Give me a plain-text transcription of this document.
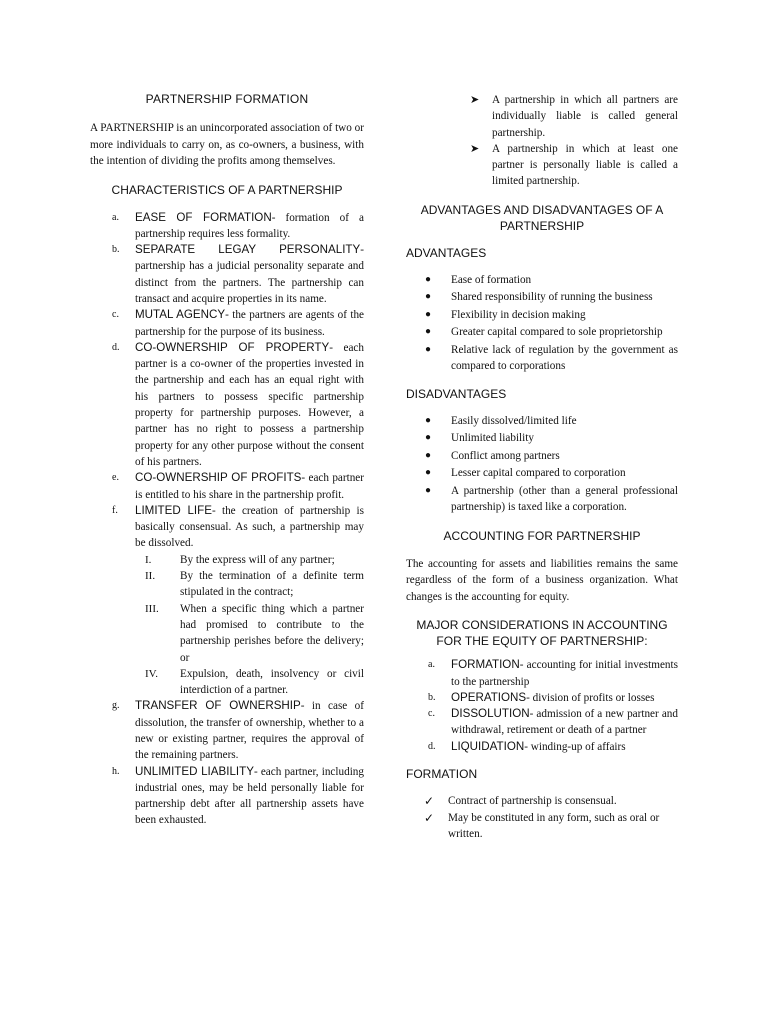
PARTNERSHIP FORMATION

A PARTNERSHIP is an unincorporated association of two or more individuals to carry on, as co-owners, a business, with the intention of dividing the profits among themselves.

CHARACTERISTICS OF A PARTNERSHIP
a.	EASE OF FORMATION- formation of a partnership requires less formality.
b.	SEPARATE LEGAY PERSONALITY- partnership has a judicial personality separate and distinct from the partners. The partnership can transact and acquire properties in its name.
c.	MUTAL AGENCY- the partners are agents of the partnership for the purpose of its business.
d.	CO-OWNERSHIP OF PROPERTY- each partner is a co-owner of the properties invested in the partnership and each has an equal right with his partners to possess specific partnership property for partnership purposes. However, a partner has no right to possess a partnership property for any other purpose without the consent of his partners.
e.	CO-OWNERSHIP OF PROFITS- each partner is entitled to his share in the partnership profit.
f.	LIMITED LIFE- the creation of partnership is basically consensual. As such, a partnership may be dissolved.
I.	By the express will of any partner;
II.	By the termination of a definite term stipulated in the contract;
III.	When a specific thing which a partner had promised to contribute to the partnership perishes before the delivery; or
IV.	Expulsion, death, insolvency or civil interdiction of a partner.
g.	TRANSFER OF OWNERSHIP- in case of dissolution, the transfer of ownership, whether to a new or existing partner, requires the approval of the remaining partners.
h.	UNLIMITED LIABILITY- each partner, including industrial ones, may be held personally liable for partnership debt after all partnership assets have been exhausted.
➤ A partnership in which all partners are individually liable is called general partnership.
➤ A partnership in which at least one partner is personally liable is called a limited partnership.
ADVANTAGES AND DISADVANTAGES OF A PARTNERSHIP
ADVANTAGES
● Ease of formation
● Shared responsibility of running the business
● Flexibility in decision making
● Greater capital compared to sole proprietorship
● Relative lack of regulation by the government as compared to corporations
DISADVANTAGES
● Easily dissolved/limited life
● Unlimited liability
● Conflict among partners
● Lesser capital compared to corporation
● A partnership (other than a general professional partnership) is taxed like a corporation.
ACCOUNTING FOR PARTNERSHIP

The accounting for assets and liabilities remains the same regardless of the form of a business organization. What changes is the accounting for equity.

MAJOR CONSIDERATIONS IN ACCOUNTING FOR THE EQUITY OF PARTNERSHIP:
a.	FORMATION- accounting for initial investments to the partnership
b.	OPERATIONS- division of profits or losses
c.	DISSOLUTION- admission of a new partner and withdrawal, retirement or death of a partner
d.	LIQUIDATION- winding-up of affairs
FORMATION
✓ Contract of partnership is consensual.
✓ May be constituted in any form, such as oral or written.
